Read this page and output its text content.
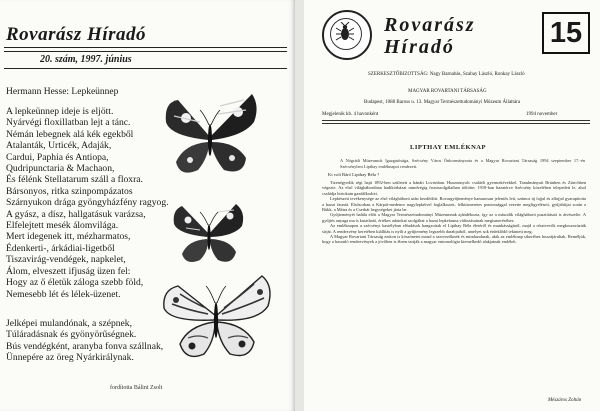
Rovarász Híradó
20. szám, 1997. június
Hermann Hesse: Lepkeünnep
A lepkeünnep ideje is eljött.
Nyárvégi floxillatban lejt a tánc.
Némán lebegnek alá kék egekből
Atalanták, Urticék, Adaják,
Cardui, Paphia és Antiopa,
Qudripunctaria & Machaon,
És félénk Stellatarum száll a floxra.
Bársonyos, ritka szinpompázatos
Szárnyukon drága gyöngyházfény ragyog.
A gyász, a dísz, hallgatásuk varázsa,
Elfelejtett mesék álomvilága.
Mert idegenek itt, mézharmatos,
Édenkerti-, árkádiai-ligetből
Tiszavirág-vendégek, napkelet,
Álom, elveszett ifjuság üzen fel:
Hogy az ő életük zálogа szebb föld,
Nemesebb lét és lélek-üzenet.
Jelképei mulandónak, a szépnek,
Túláradásnak és gyönyörűségnek.
Bús vendégként, aranyba fonva szállnak,
Ünnepére az öreg Nyárkirálynak.
fordította Bálint Zsolt
Rovarász
Híradó	15
SZERKESZTŐBIZOTTSÁG: Nagy Barnabás, Szabay László, Ronkay László
MAGYAR ROVARTANI TÁRSASÁG
Budapest, 1088 Baross u. 13. Magyar Természettudományi Múzeum Állattára
Megjelenik kb. 4 havonként	1994 november
LIPTHAY EMLÉKNAP
A Nógrádi Múzeumok Igazgatósága, Szécsény Város Önkormányzata és a Magyar Rovartani Társaság 1994 szeptember 17.-én Szécsényben Lipthay emléknapot rendezett.
Ki volt Báró Lipthay Béla ?

Tizenégyedik régi hajú 1892-ben született a bánáti Lovrinban. Huszonnyolc csaláeli gyermekévekkel. Tanulmányait Brünben és Zürichben végezte. Az első világháborúban hadikórházat mindvégig frontszolgálatban töltötte; 1918-ban hazatérve Szécsény közelében telepedett le, ahol családja birtokain gazdálkodott.

Lepkészeti tevékenysége az első világháború után kezdődött. Rovargyűjteménye hamarosan jelentős lett, számos új fajjal és alfajjal gyarapította a hazai faunát. Elsősorban a Kárpát-medence nagylepkéivel foglalkozott, lelkiismeretes pontossággal vezette megfigyeléseit, gyűjtőútjai során a Bükk, a Mátra és a Cserhát hegységeket járta be.

Gyűjteményét halála előtt a Magyar Természettudományi Múzeumnak ajándékozta, így az a második világháború pusztításait is átvészelte. A gyűjtés anyaga ma is kutatható, értékes adatokat szolgáltat a hazai lepkefauna változásainak megismeréséhez.

Az emléknapon a szécsényi kastélyban előadások hangzottak el Lipthay Béla életéről és munkásságáról, majd a résztvevők megkoszorúzták sírját. A rendezvény keretében kiállítás is nyílt a gyűjtemény legszebb darabjaiból, amelyet sok érdeklődő tekintett meg.

A Magyar Rovartani Társaság ezúton is köszönetet mond a szervezőknek és mindazoknak, akik az emléknap sikeréhez hozzájárultak. Reméljük, hogy a hasonló rendezvények a jövőben is ébren tartják a magyar entomológia kiemelkedő alakjainak emlékét.

Mészáros Zoltán
